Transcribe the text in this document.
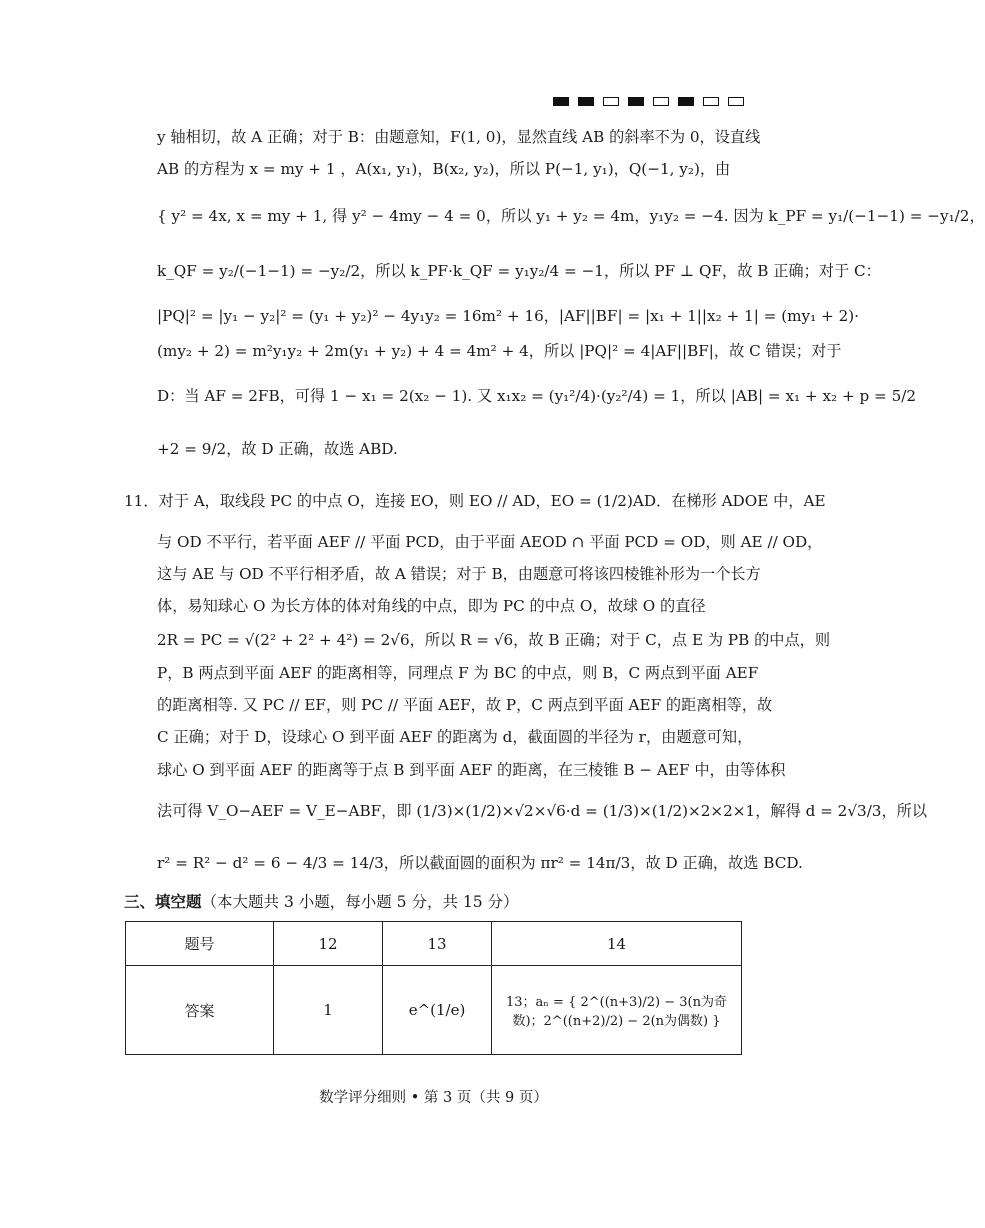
y 轴相切，故 A 正确；对于 B：由题意知，F(1, 0)，显然直线 AB 的斜率不为 0，设直线
AB 的方程为 x = my + 1 ，A(x₁, y₁)，B(x₂, y₂)，所以 P(−1, y₁)，Q(−1, y₂)，由
{ y² = 4x, x = my + 1, 得 y² − 4my − 4 = 0，所以 y₁ + y₂ = 4m，y₁y₂ = −4. 因为 k_PF = y₁/(−1−1) = −y₁/2，
k_QF = y₂/(−1−1) = −y₂/2，所以 k_PF·k_QF = y₁y₂/4 = −1，所以 PF ⊥ QF，故 B 正确；对于 C：
|PQ|² = |y₁ − y₂|² = (y₁ + y₂)² − 4y₁y₂ = 16m² + 16，|AF||BF| = |x₁ + 1||x₂ + 1| = (my₁ + 2)·
(my₂ + 2) = m²y₁y₂ + 2m(y₁ + y₂) + 4 = 4m² + 4，所以 |PQ|² = 4|AF||BF|，故 C 错误；对于
D：当 AF = 2FB，可得 1 − x₁ = 2(x₂ − 1). 又 x₁x₂ = (y₁²/4)·(y₂²/4) = 1，所以 |AB| = x₁ + x₂ + p = 5/2
+2 = 9/2，故 D 正确，故选 ABD.
11．对于 A，取线段 PC 的中点 O，连接 EO，则 EO // AD，EO = (1/2)AD．在梯形 ADOE 中，AE
与 OD 不平行，若平面 AEF // 平面 PCD，由于平面 AEOD ∩ 平面 PCD = OD，则 AE // OD，
这与 AE 与 OD 不平行相矛盾，故 A 错误；对于 B，由题意可将该四棱锥补形为一个长方
体，易知球心 O 为长方体的体对角线的中点，即为 PC 的中点 O，故球 O 的直径
2R = PC = √(2² + 2² + 4²) = 2√6，所以 R = √6，故 B 正确；对于 C，点 E 为 PB 的中点，则
P，B 两点到平面 AEF 的距离相等，同理点 F 为 BC 的中点，则 B，C 两点到平面 AEF
的距离相等. 又 PC // EF，则 PC // 平面 AEF，故 P，C 两点到平面 AEF 的距离相等，故
C 正确；对于 D，设球心 O 到平面 AEF 的距离为 d，截面圆的半径为 r，由题意可知，
球心 O 到平面 AEF 的距离等于点 B 到平面 AEF 的距离，在三棱锥 B − AEF 中，由等体积
法可得 V_O−AEF = V_E−ABF，即 (1/3)×(1/2)×√2×√6·d = (1/3)×(1/2)×2×2×1，解得 d = 2√3/3，所以
r² = R² − d² = 6 − 4/3 = 14/3，所以截面圆的面积为 πr² = 14π/3，故 D 正确，故选 BCD.
三、填空题（本大题共 3 小题，每小题 5 分，共 15 分）
题号	12	13	14
答案	1	e^(1/e)	13；aₙ = { 2^((n+3)/2) − 3(n为奇数)；2^((n+2)/2) − 2(n为偶数) }
数学评分细则 • 第 3 页（共 9 页）
